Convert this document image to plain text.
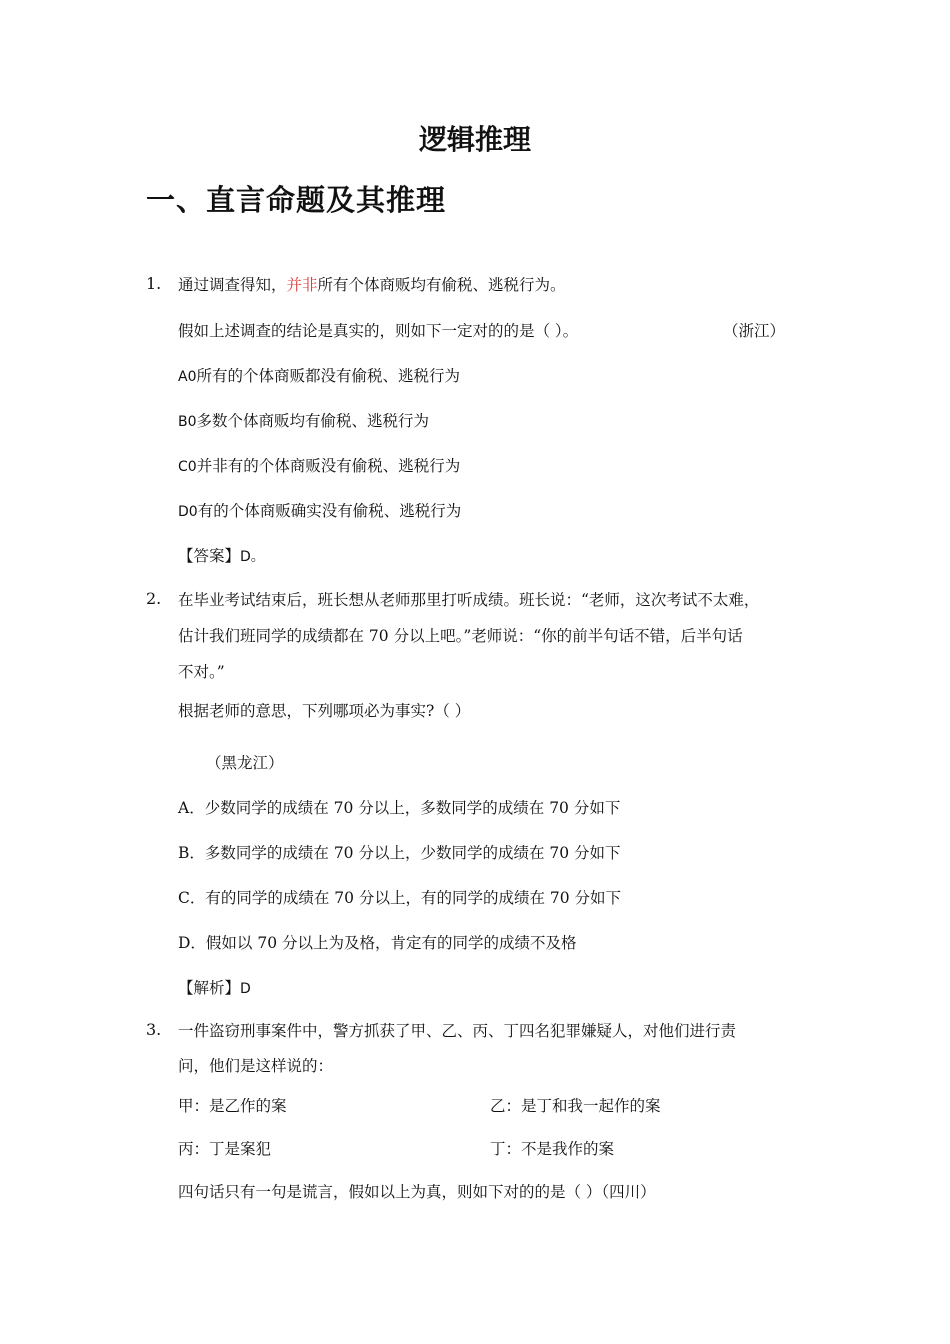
逻辑推理
一、直言命题及其推理
1. 通过调查得知，并非所有个体商贩均有偷税、逃税行为。
假如上述调查的结论是真实的，则如下一定对的的是（ ）。	（浙江）
A0所有的个体商贩都没有偷税、逃税行为
B0多数个体商贩均有偷税、逃税行为
C0并非有的个体商贩没有偷税、逃税行为
D0有的个体商贩确实没有偷税、逃税行为
【答案】D。
2. 在毕业考试结束后，班长想从老师那里打听成绩。班长说：“老师，这次考试不太难，
估计我们班同学的成绩都在 70 分以上吧。”老师说：“你的前半句话不错，后半句话
不对。”
根据老师的意思，下列哪项必为事实?（ ）
（黑龙江）
A．少数同学的成绩在 70 分以上，多数同学的成绩在 70 分如下
B．多数同学的成绩在 70 分以上，少数同学的成绩在 70 分如下
C．有的同学的成绩在 70 分以上，有的同学的成绩在 70 分如下
D．假如以 70 分以上为及格，肯定有的同学的成绩不及格
【解析】D
3. 一件盗窃刑事案件中，警方抓获了甲、乙、丙、丁四名犯罪嫌疑人，对他们进行责
问，他们是这样说的：
甲：是乙作的案	乙：是丁和我一起作的案
丙：丁是案犯	丁：不是我作的案
四句话只有一句是谎言，假如以上为真，则如下对的的是（ ）（四川）
